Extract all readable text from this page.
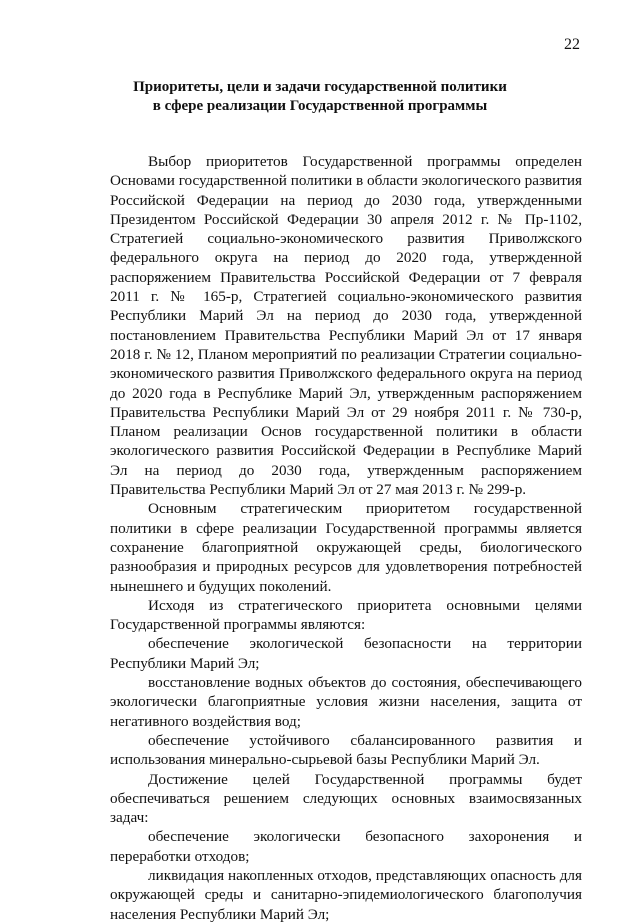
22
Приоритеты, цели и задачи государственной политики
в сфере реализации Государственной программы

Выбор приоритетов Государственной программы определен Основами государственной политики в области экологического развития Российской Федерации на период до 2030 года, утвержденными Президентом Российской Федерации 30 апреля 2012 г. № Пр-1102, Стратегией социально-экономического развития Приволжского федерального округа на период до 2020 года, утвержденной распоряжением Правительства Российской Федерации от 7 февраля 2011 г. № 165-р, Стратегией социально-экономического развития Республики Марий Эл на период до 2030 года, утвержденной постановлением Правительства Республики Марий Эл от 17 января 2018 г. № 12, Планом мероприятий по реализации Стратегии социально-экономического развития Приволжского федерального округа на период до 2020 года в Республике Марий Эл, утвержденным распоряжением Правительства Республики Марий Эл от 29 ноября 2011 г. № 730-р, Планом реализации Основ государственной политики в области экологического развития Российской Федерации в Республике Марий Эл на период до 2030 года, утвержденным распоряжением Правительства Республики Марий Эл от 27 мая 2013 г. № 299-р.

Основным стратегическим приоритетом государственной политики в сфере реализации Государственной программы является сохранение благоприятной окружающей среды, биологического разнообразия и природных ресурсов для удовлетворения потребностей нынешнего и будущих поколений.

Исходя из стратегического приоритета основными целями Государственной программы являются:

обеспечение экологической безопасности на территории Республики Марий Эл;

восстановление водных объектов до состояния, обеспечивающего экологически благоприятные условия жизни населения, защита от негативного воздействия вод;

обеспечение устойчивого сбалансированного развития и использования минерально-сырьевой базы Республики Марий Эл.

Достижение целей Государственной программы будет обеспечиваться решением следующих основных взаимосвязанных задач:

обеспечение экологически безопасного захоронения и переработки отходов;

ликвидация накопленных отходов, представляющих опасность для окружающей среды и санитарно-эпидемиологического благополучия населения Республики Марий Эл;
